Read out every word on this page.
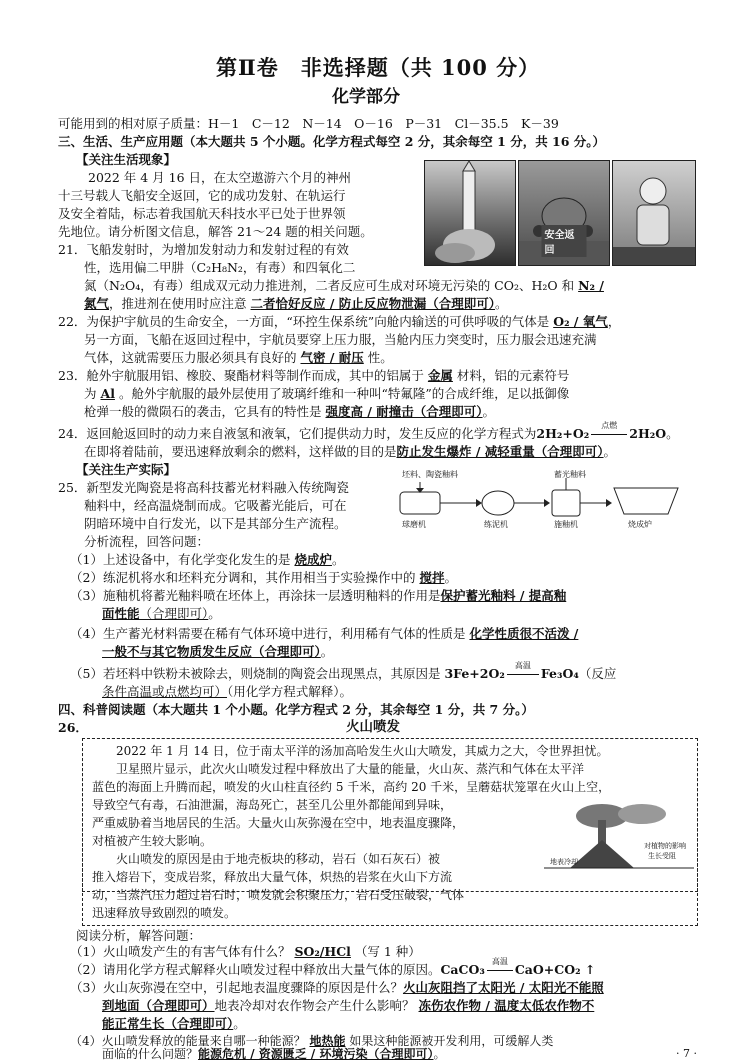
第Ⅱ卷　非选择题（共 100 分）
化学部分
可能用到的相对原子质量：H－1　C－12　N－14　O－16　P－31　Cl－35.5　K－39
三、生活、生产应用题（本大题共 5 个小题。化学方程式每空 2 分，其余每空 1 分，共 16 分。）
【关注生活现象】
2022 年 4 月 16 日，在太空遨游六个月的神州
十三号载人飞船安全返回，它的成功发射、在轨运行
及安全着陆，标志着我国航天科技水平已处于世界领
先地位。请分析图文信息，解答 21～24 题的相关问题。	安全返回
21．飞船发射时，为增加发射动力和发射过程的有效
性，选用偏二甲肼（C₂H₈N₂，有毒）和四氧化二
氮（N₂O₄，有毒）组成双元动力推进剂，二者反应可生成对环境无污染的 CO₂、H₂O 和 N₂ /
氮气，推进剂在使用时应注意 二者恰好反应 / 防止反应物泄漏（合理即可）。
22．为保护宇航员的生命安全，一方面，“环控生保系统”向舱内输送的可供呼吸的气体是 O₂ / 氧气，
另一方面，飞船在返回过程中，宇航员要穿上压力服，当舱内压力突变时，压力服会迅速充满
气体，这就需要压力服必须具有良好的 气密 / 耐压 性。
23．舱外宇航服用铝、橡胶、聚酯材料等制作而成，其中的铝属于 金属 材料，铝的元素符号
为 Al 。舱外宇航服的最外层使用了玻璃纤维和一种叫“特氟隆”的合成纤维，足以抵御像
枪弹一般的微陨石的袭击，它具有的特性是 强度高 / 耐撞击（合理即可）。
24．返回舱返回时的动力来自液氢和液氧，它们提供动力时，发生反应的化学方程式为2H₂+O₂
点燃
2H₂O。
在即将着陆前，要迅速释放剩余的燃料，这样做的目的是防止发生爆炸 / 减轻重量（合理即可）。
【关注生产实际】
25．新型发光陶瓷是将高科技蓄光材料融入传统陶瓷
釉料中，经高温烧制而成。它吸蓄光能后，可在
阴暗环境中自行发光，以下是其部分生产流程。
分析流程，回答问题：
坯料、陶瓷釉料
球磨机	练泥机
蓄光釉料
施釉机	烧成炉
（1）上述设备中，有化学变化发生的是 烧成炉。
（2）练泥机将水和坯料充分调和，其作用相当于实验操作中的 搅拌。
（3）施釉机将蓄光釉料喷在坯体上，再涂抹一层透明釉料的作用是保护蓄光釉料 / 提高釉
面性能（合理即可）。
（4）生产蓄光材料需要在稀有气体环境中进行，利用稀有气体的性质是 化学性质很不活泼 /
一般不与其它物质发生反应（合理即可）。
（5）若坯料中铁粉未被除去，则烧制的陶瓷会出现黑点，其原因是 3Fe+2O₂
高温
Fe₃O₄（反应
条件高温或点燃均可）（用化学方程式解释）。
四、科普阅读题（本大题共 1 个小题。化学方程式 2 分，其余每空 1 分，共 7 分。）
26．	火山喷发
2022 年 1 月 14 日，位于南太平洋的汤加高哈发生火山大喷发，其威力之大，令世界担忧。
卫星照片显示，此次火山喷发过程中释放出了大量的能量，火山灰、蒸汽和气体在太平洋
蓝色的海面上升腾而起，喷发的火山柱直径约 5 千米，高约 20 千米，呈蘑菇状笼罩在火山上空，
导致空气有毒，石油泄漏，海岛死亡，甚至几公里外都能闻到异味，
严重威胁着当地居民的生活。大量火山灰弥漫在空中，地表温度骤降，
对植被产生较大影响。
火山喷发的原因是由于地壳板块的移动，岩石（如石灰石）被
推入熔岩下，变成岩浆，释放出大量气体，炽热的岩浆在火山下方流
动，当蒸汽压力超过岩石时，喷发就会积聚压力，岩石受压破裂，气体
迅速释放导致剧烈的喷发。
地表冷却
对植物的影响
生长受阻
阅读分析，解答问题：
（1）火山喷发产生的有害气体有什么？ SO₂/HCl （写 1 种）
（2）请用化学方程式解释火山喷发过程中释放出大量气体的原因。CaCO₃
高温
CaO+CO₂ ↑
（3）火山灰弥漫在空中，引起地表温度骤降的原因是什么？火山灰阻挡了太阳光 / 太阳光不能照
到地面（合理即可）地表冷却对农作物会产生什么影响？ 冻伤农作物 / 温度太低农作物不
能正常生长（合理即可）。
（4）火山喷发释放的能量来自哪一种能源？ 地热能 如果这种能源被开发利用，可缓解人类
面临的什么问题？能源危机 / 资源匮乏 / 环境污染（合理即可）。	· 7 ·
